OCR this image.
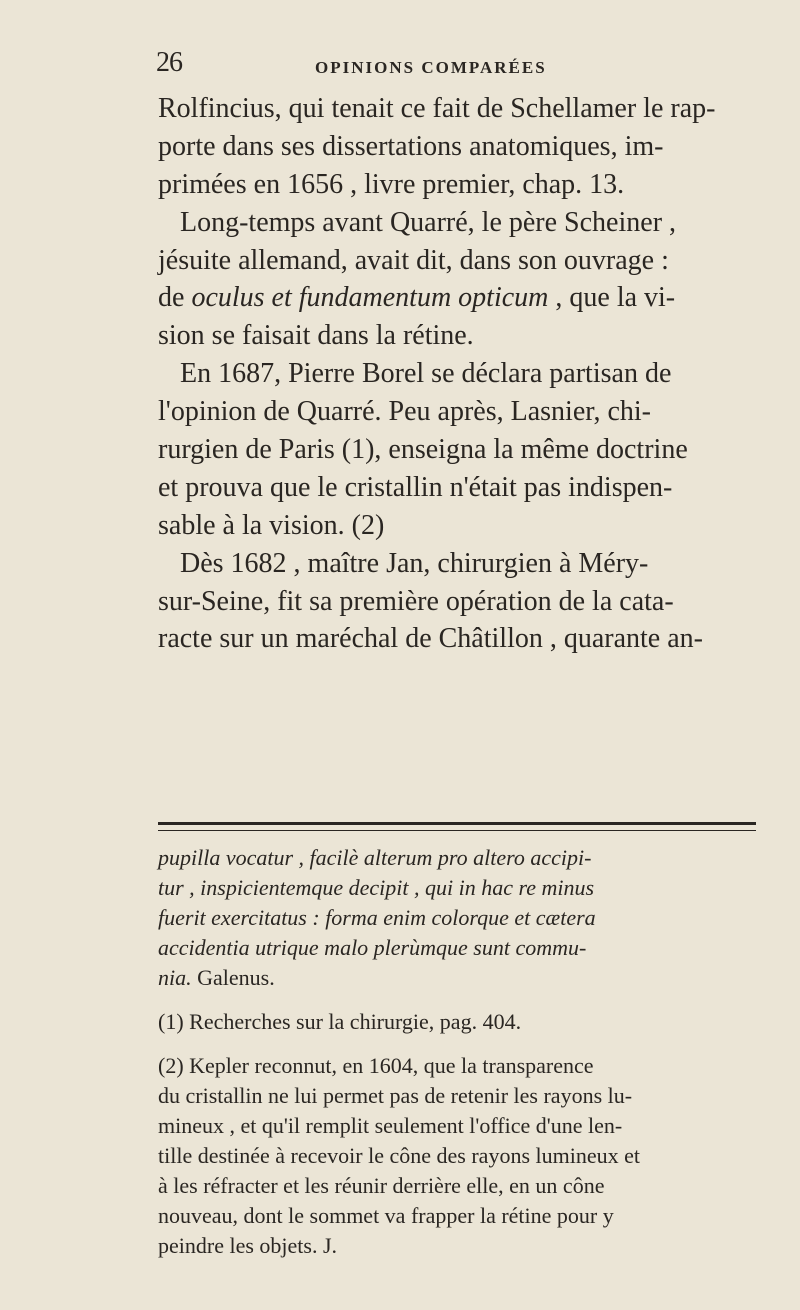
26	OPINIONS COMPARÉES
Rolfincius, qui tenait ce fait de Schellamer le rap-
porte dans ses dissertations anatomiques, im-
primées en 1656 , livre premier, chap. 13.
Long-temps avant Quarré, le père Scheiner ,
jésuite allemand, avait dit, dans son ouvrage :
de oculus et fundamentum opticum , que la vi-
sion se faisait dans la rétine.
En 1687, Pierre Borel se déclara partisan de
l'opinion de Quarré. Peu après, Lasnier, chi-
rurgien de Paris (1), enseigna la même doctrine
et prouva que le cristallin n'était pas indispen-
sable à la vision. (2)
Dès 1682 , maître Jan, chirurgien à Méry-
sur-Seine, fit sa première opération de la cata-
racte sur un maréchal de Châtillon , quarante an-
pupilla vocatur , facilè alterum pro altero accipi-
tur , inspicientemque decipit , qui in hac re minus
fuerit exercitatus : forma enim colorque et cætera
accidentia utrique malo plerùmque sunt commu-
nia. Galenus.
(1) Recherches sur la chirurgie, pag. 404.
(2) Kepler reconnut, en 1604, que la transparence
du cristallin ne lui permet pas de retenir les rayons lu-
mineux , et qu'il remplit seulement l'office d'une len-
tille destinée à recevoir le cône des rayons lumineux et
à les réfracter et les réunir derrière elle, en un cône
nouveau, dont le sommet va frapper la rétine pour y
peindre les objets. J.
